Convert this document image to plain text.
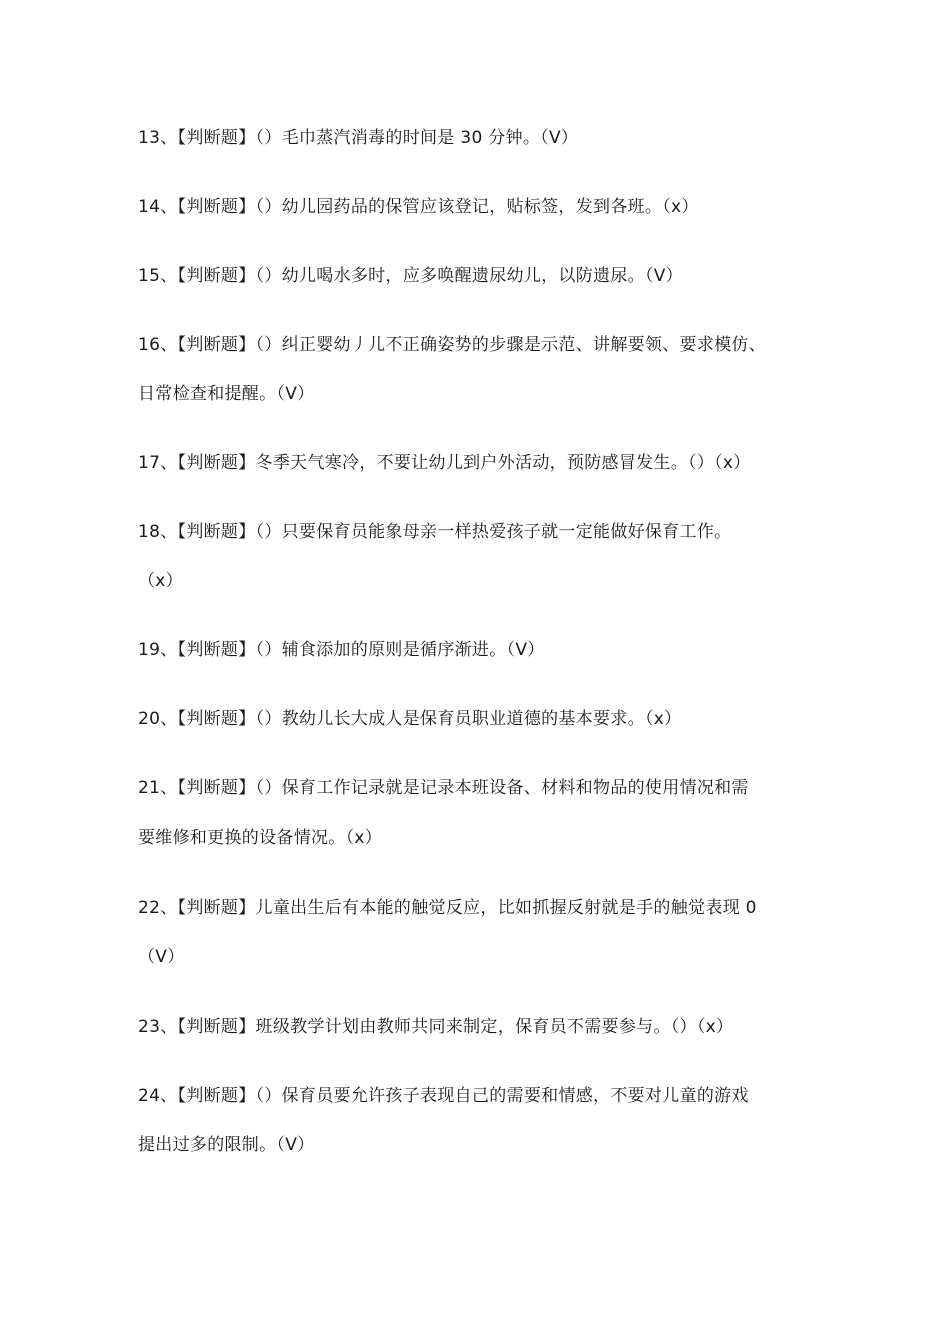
13、【判断题】（）毛巾蒸汽消毒的时间是 30 分钟。（V）
14、【判断题】（）幼儿园药品的保管应该登记，贴标签，发到各班。（x）
15、【判断题】（）幼儿喝水多时，应多唤醒遗尿幼儿，以防遗尿。（V）
16、【判断题】（）纠正婴幼丿儿不正确姿势的步骤是示范、讲解要领、要求模仿、
日常检查和提醒。（V）
17、【判断题】冬季天气寒冷，不要让幼儿到户外活动，预防感冒发生。（）（x）
18、【判断题】（）只要保育员能象母亲一样热爱孩子就一定能做好保育工作。
（x）
19、【判断题】（）辅食添加的原则是循序渐进。（V）
20、【判断题】（）教幼儿长大成人是保育员职业道德的基本要求。（x）
21、【判断题】（）保育工作记录就是记录本班设备、材料和物品的使用情况和需
要维修和更换的设备情况。（x）
22、【判断题】儿童出生后有本能的触觉反应，比如抓握反射就是手的触觉表现 0
（V）
23、【判断题】班级教学计划由教师共同来制定，保育员不需要参与。（）（x）
24、【判断题】（）保育员要允许孩子表现自己的需要和情感，不要对儿童的游戏
提出过多的限制。（V）
